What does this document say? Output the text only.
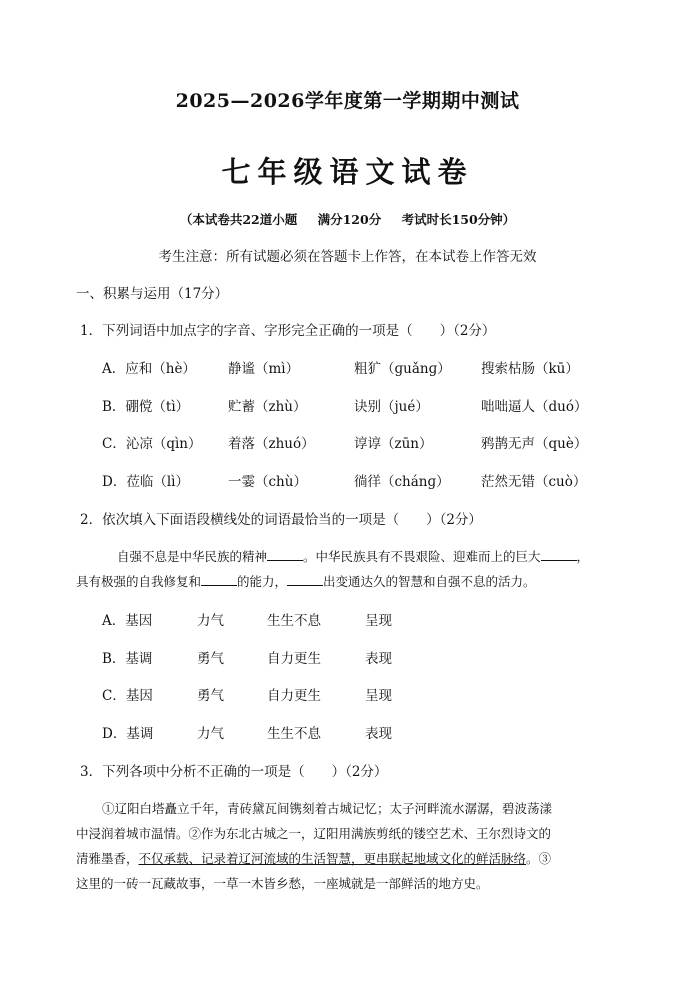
2025—2026学年度第一学期期中测试
七年级语文试卷
（本试卷共22道小题 满分120分 考试时长150分钟）
考生注意：所有试题必须在答题卡上作答，在本试卷上作答无效
一、积累与运用（17分）
1．下列词语中加点字的字音、字形完全正确的一项是（　　）（2分）
A．应和（hè） 静谧（mì）	粗犷（ɡuǎnɡ） 搜索枯肠（kū）
B．硼傥（tì）	贮蓄（zhù）	诀别（jué）	咄咄逼人（duó）
C．沁凉（qìn） 着落（zhuó）	谆谆（zūn）	鸦鹊无声（què）
D．莅临（lì）	一霎（chù）	徜徉（chánɡ） 茫然无错（cuò）
2．依次填入下面语段横线处的词语最恰当的一项是（　　）（2分）
自强不息是中华民族的精神	。中华民族具有不畏艰险、迎难而上的巨大	，
具有极强的自我修复和	的能力，	出变通达久的智慧和自强不息的活力。
A．基因	力气	生生不息	呈现
B．基调	勇气	自力更生	表现
C．基因	勇气	自力更生	呈现
D．基调	力气	生生不息	表现
3．下列各项中分析不正确的一项是（　　）（2分）
①辽阳白塔矗立千年，青砖黛瓦间镌刻着古城记忆；太子河畔流水潺潺，碧波荡漾
中浸润着城市温情。②作为东北古城之一，辽阳用满族剪纸的镂空艺术、王尔烈诗文的
清雅墨香，不仅承载、记录着辽河流域的生活智慧，更串联起地域文化的鲜活脉络。③
这里的一砖一瓦藏故事，一草一木皆乡愁，一座城就是一部鲜活的地方史。
